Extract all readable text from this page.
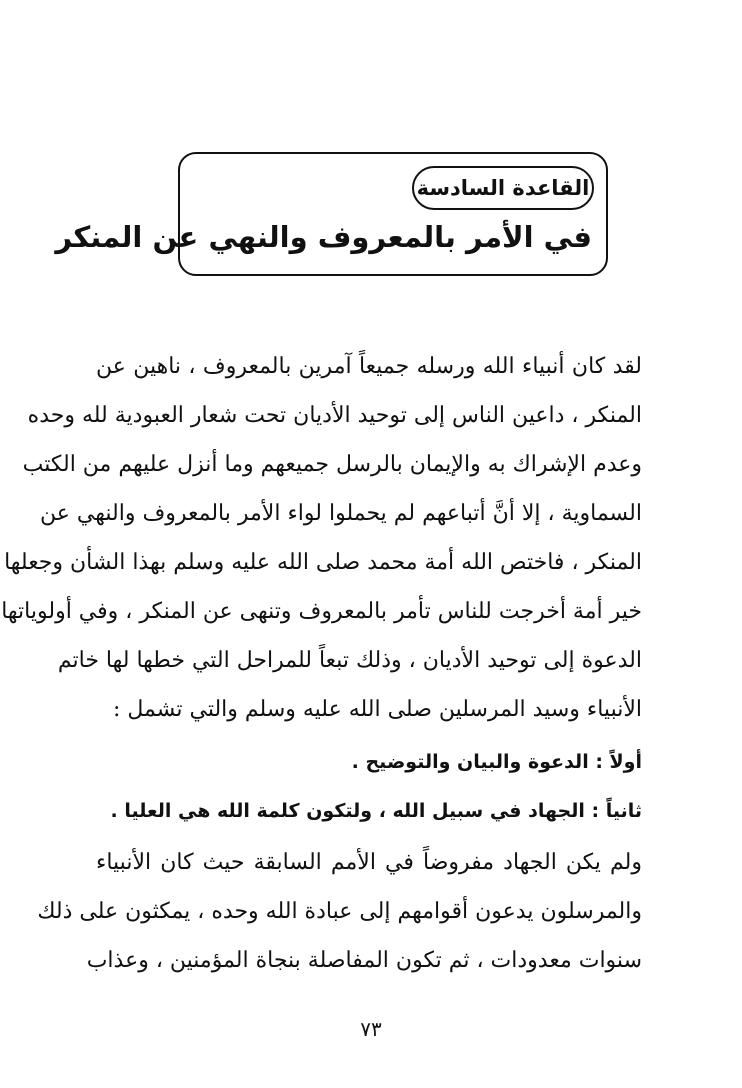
القاعدة السادسة
في الأمر بالمعروف والنهي عن المنكر
لقد كان أنبياء الله ورسله جميعاً آمرين بالمعروف ، ناهين عن
المنكر ، داعين الناس إلى توحيد الأديان تحت شعار العبودية لله وحده
وعدم الإشراك به والإيمان بالرسل جميعهم وما أنزل عليهم من الكتب
السماوية ، إلا أنَّ أتباعهم لم يحملوا لواء الأمر بالمعروف والنهي عن
المنكر ، فاختص الله أمة محمد صلى الله عليه وسلم بهذا الشأن وجعلها
خير أمة أخرجت للناس تأمر بالمعروف وتنهى عن المنكر ، وفي أولوياتها
الدعوة إلى توحيد الأديان ، وذلك تبعاً للمراحل التي خطها لها خاتم
الأنبياء وسيد المرسلين صلى الله عليه وسلم والتي تشمل :
أولاً : الدعوة والبيان والتوضيح .
ثانياً : الجهاد في سبيل الله ، ولتكون كلمة الله هي العليا .
ولم يكن الجهاد مفروضاً في الأمم السابقة حيث كان الأنبياء
والمرسلون يدعون أقوامهم إلى عبادة الله وحده ، يمكثون على ذلك
سنوات معدودات ، ثم تكون المفاصلة بنجاة المؤمنين ، وعذاب
٧٣
